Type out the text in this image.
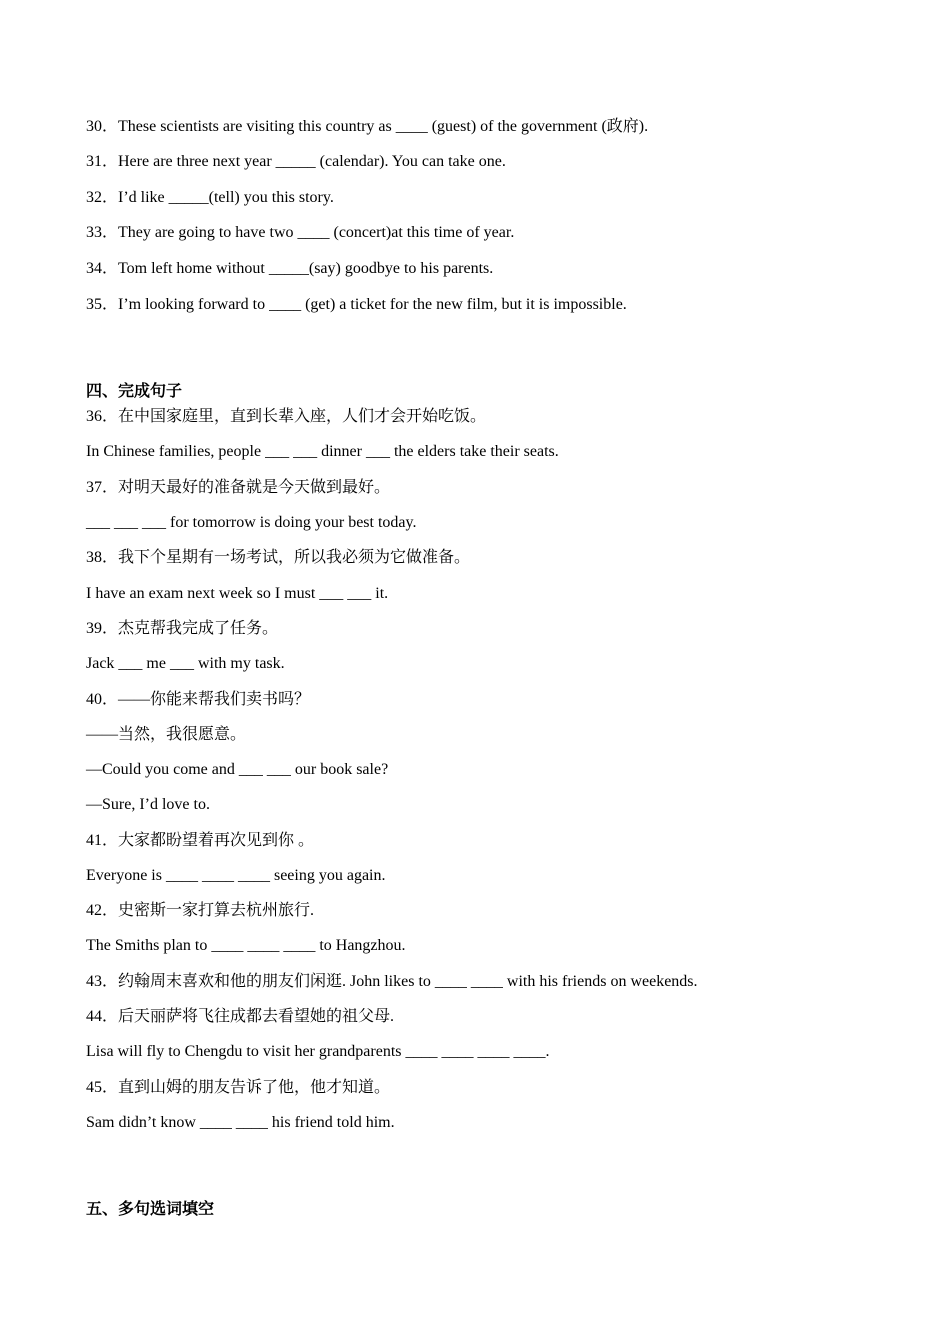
30．These scientists are visiting this country as ____ (guest) of the government (政府).
31．Here are three next year _____ (calendar). You can take one.
32．I’d like _____(tell) you this story.
33．They are going to have two ____ (concert)at this time of year.
34．Tom left home without _____(say) goodbye to his parents.
35．I’m looking forward to ____ (get) a ticket for the new film, but it is impossible.
四、完成句子
36．在中国家庭里，直到长辈入座，人们才会开始吃饭。
In Chinese families, people ___ ___ dinner ___ the elders take their seats.
37．对明天最好的准备就是今天做到最好。
___ ___ ___ for tomorrow is doing your best today.
38．我下个星期有一场考试，所以我必须为它做准备。
I have an exam next week so I must ___ ___ it.
39．杰克帮我完成了任务。
Jack ___ me ___ with my task.
40．——你能来帮我们卖书吗？
——当然，我很愿意。
—Could you come and ___ ___ our book sale?
—Sure, I’d love to.
41．大家都盼望着再次见到你 。
Everyone is ____ ____ ____ seeing you again.
42．史密斯一家打算去杭州旅行.
The Smiths plan to ____ ____ ____ to Hangzhou.
43．约翰周末喜欢和他的朋友们闲逛. John likes to ____ ____ with his friends on weekends.
44．后天丽萨将飞往成都去看望她的祖父母.
Lisa will fly to Chengdu to visit her grandparents ____ ____ ____ ____.
45．直到山姆的朋友告诉了他，他才知道。
Sam didn’t know ____ ____ his friend told him.
五、多句选词填空
